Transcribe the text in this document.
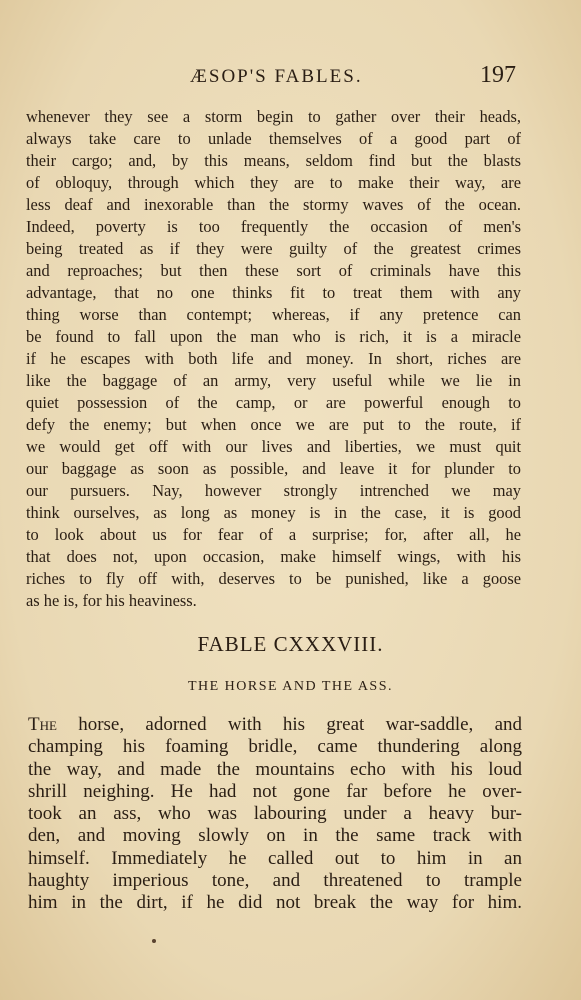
ÆSOP'S FABLES.	197
whenever they see a storm begin to gather over their heads,
always take care to unlade themselves of a good part of
their cargo; and, by this means, seldom find but the blasts
of obloquy, through which they are to make their way, are
less deaf and inexorable than the stormy waves of the ocean.
Indeed, poverty is too frequently the occasion of men's
being treated as if they were guilty of the greatest crimes
and reproaches; but then these sort of criminals have this
advantage, that no one thinks fit to treat them with any
thing worse than contempt; whereas, if any pretence can
be found to fall upon the man who is rich, it is a miracle
if he escapes with both life and money. In short, riches are
like the baggage of an army, very useful while we lie in
quiet possession of the camp, or are powerful enough to
defy the enemy; but when once we are put to the route, if
we would get off with our lives and liberties, we must quit
our baggage as soon as possible, and leave it for plunder to
our pursuers. Nay, however strongly intrenched we may
think ourselves, as long as money is in the case, it is good
to look about us for fear of a surprise; for, after all, he
that does not, upon occasion, make himself wings, with his
riches to fly off with, deserves to be punished, like a goose
as he is, for his heaviness.
FABLE CXXXVIII.
THE HORSE AND THE ASS.
The horse, adorned with his great war-saddle, and
champing his foaming bridle, came thundering along
the way, and made the mountains echo with his loud
shrill neighing. He had not gone far before he over-
took an ass, who was labouring under a heavy bur-
den, and moving slowly on in the same track with
himself. Immediately he called out to him in an
haughty imperious tone, and threatened to trample
him in the dirt, if he did not break the way for him.
